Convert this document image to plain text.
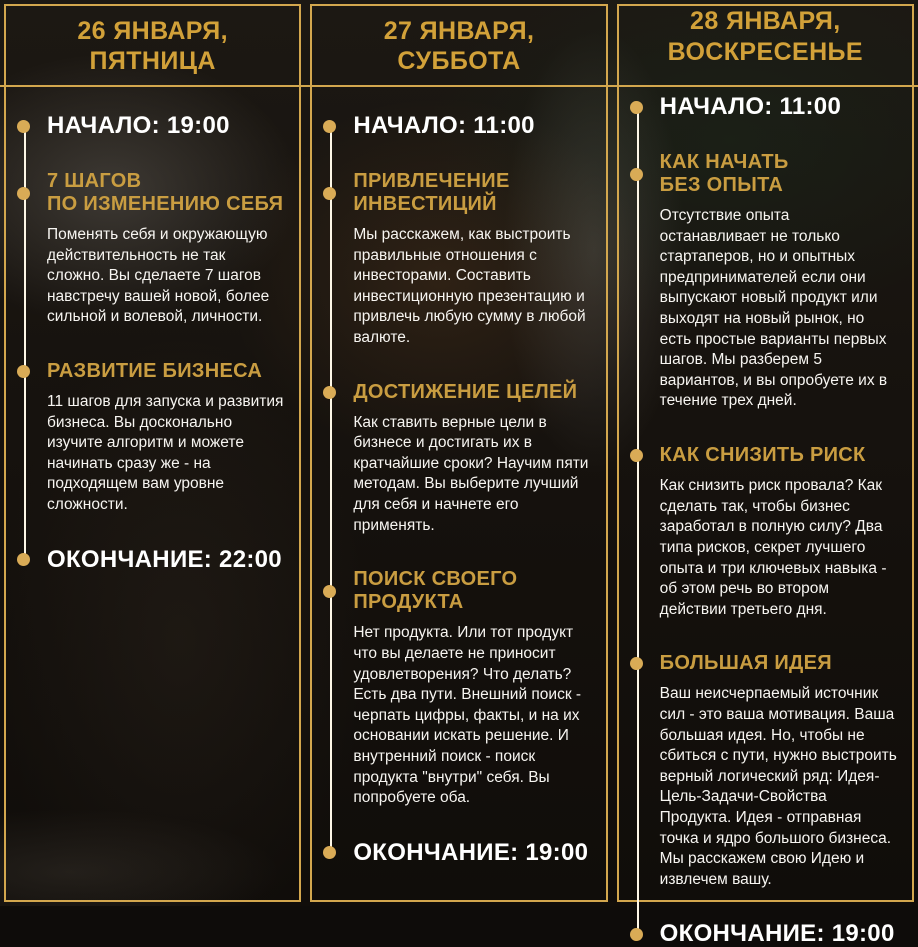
26 ЯНВАРЯ,
ПЯТНИЦА
НАЧАЛО: 19:00
7 ШАГОВ
ПО ИЗМЕНЕНИЮ СЕБЯ

Поменять себя и окружающую действительность не так сложно. Вы сделаете 7 шагов навстречу вашей новой, более сильной и волевой, личности.

РАЗВИТИЕ БИЗНЕСА

11 шагов для запуска и развития бизнеса. Вы досконально изучите алгоритм и можете начинать сразу же - на подходящем вам уровне сложности.

ОКОНЧАНИЕ: 22:00
27 ЯНВАРЯ,
СУББОТА
НАЧАЛО: 11:00
ПРИВЛЕЧЕНИЕ
ИНВЕСТИЦИЙ

Мы расскажем, как выстроить правильные отношения с инвесторами. Составить инвестиционную презентацию и привлечь любую сумму в любой валюте.

ДОСТИЖЕНИЕ ЦЕЛЕЙ

Как ставить верные цели в бизнесе и достигать их в кратчайшие сроки? Научим пяти методам. Вы выберите лучший для себя и начнете его применять.

ПОИСК СВОЕГО
ПРОДУКТА

Нет продукта. Или тот продукт что вы делаете не приносит удовлетворения? Что делать? Есть два пути. Внешний поиск - черпать цифры, факты, и на их основании искать решение. И внутренний поиск - поиск продукта "внутри" себя. Вы попробуете оба.

ОКОНЧАНИЕ: 19:00
28 ЯНВАРЯ,
ВОСКРЕСЕНЬЕ
НАЧАЛО: 11:00
КАК НАЧАТЬ
БЕЗ ОПЫТА

Отсутствие опыта останавливает не только стартаперов, но и опытных предпринимателей если они выпускают новый продукт или выходят на новый рынок, но есть простые варианты первых шагов. Мы разберем 5 вариантов, и вы опробуете их в течение трех дней.

КАК СНИЗИТЬ РИСК

Как снизить риск провала? Как сделать так, чтобы бизнес заработал в полную силу? Два типа рисков, секрет лучшего опыта и три ключевых навыка - об этом речь во втором действии третьего дня.

БОЛЬШАЯ ИДЕЯ

Ваш неисчерпаемый источник сил - это ваша мотивация. Ваша большая идея. Но, чтобы не сбиться с пути, нужно выстроить верный логический ряд: Идея-Цель-Задачи-Свойства Продукта. Идея - отправная точка и ядро большого бизнеса. Мы расскажем свою Идею и извлечем вашу.

ОКОНЧАНИЕ: 19:00
